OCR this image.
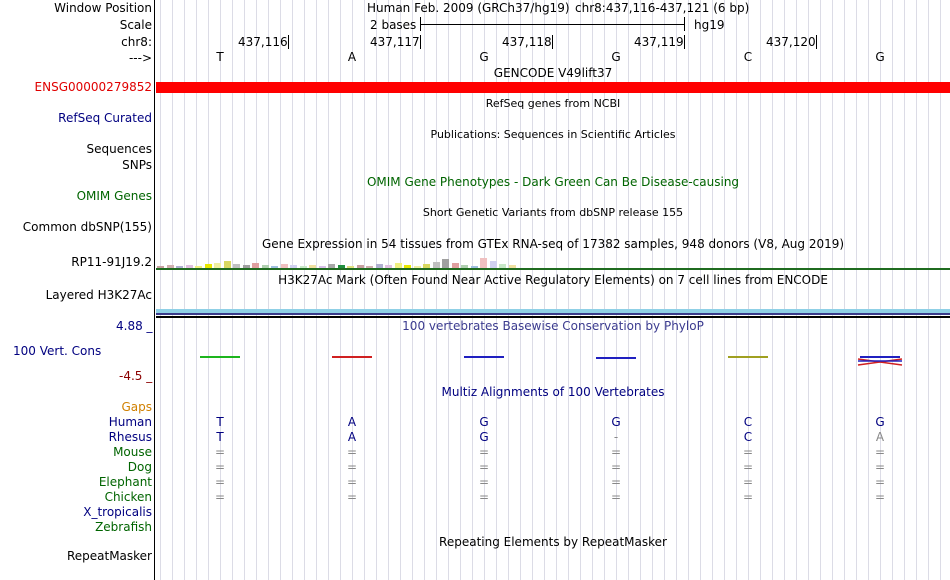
Window Position
Scale
chr8:
--->
Human Feb. 2009 (GRCh37/hg19) chr8:437,116-437,121 (6 bp)
2 bases	hg19
437,116	437,117	437,118	437,119	437,120
T	A	G	G	C	G
GENCODE V49lift37
ENSG00000279852
RefSeq genes from NCBI
RefSeq Curated
Publications: Sequences in Scientific Articles
Sequences
SNPs
OMIM Gene Phenotypes - Dark Green Can Be Disease-causing
OMIM Genes
Short Genetic Variants from dbSNP release 155
Common dbSNP(155)
Gene Expression in 54 tissues from GTEx RNA-seq of 17382 samples, 948 donors (V8, Aug 2019)
RP11-91J19.2
H3K27Ac Mark (Often Found Near Active Regulatory Elements) on 7 cell lines from ENCODE
Layered H3K27Ac
4.88 _	100 vertebrates Basewise Conservation by PhyloP
100 Vert. Cons
-4.5 _
Multiz Alignments of 100 Vertebrates
Gaps
Human	T	A	G	G	C	G
Rhesus	T	A	G	-	C	A
Mouse	=	=	=	=	=	=
Dog	=	=	=	=	=	=
Elephant	=	=	=	=	=	=
Chicken	=	=	=	=	=	=
X_tropicalis
Zebrafish
Repeating Elements by RepeatMasker
RepeatMasker
